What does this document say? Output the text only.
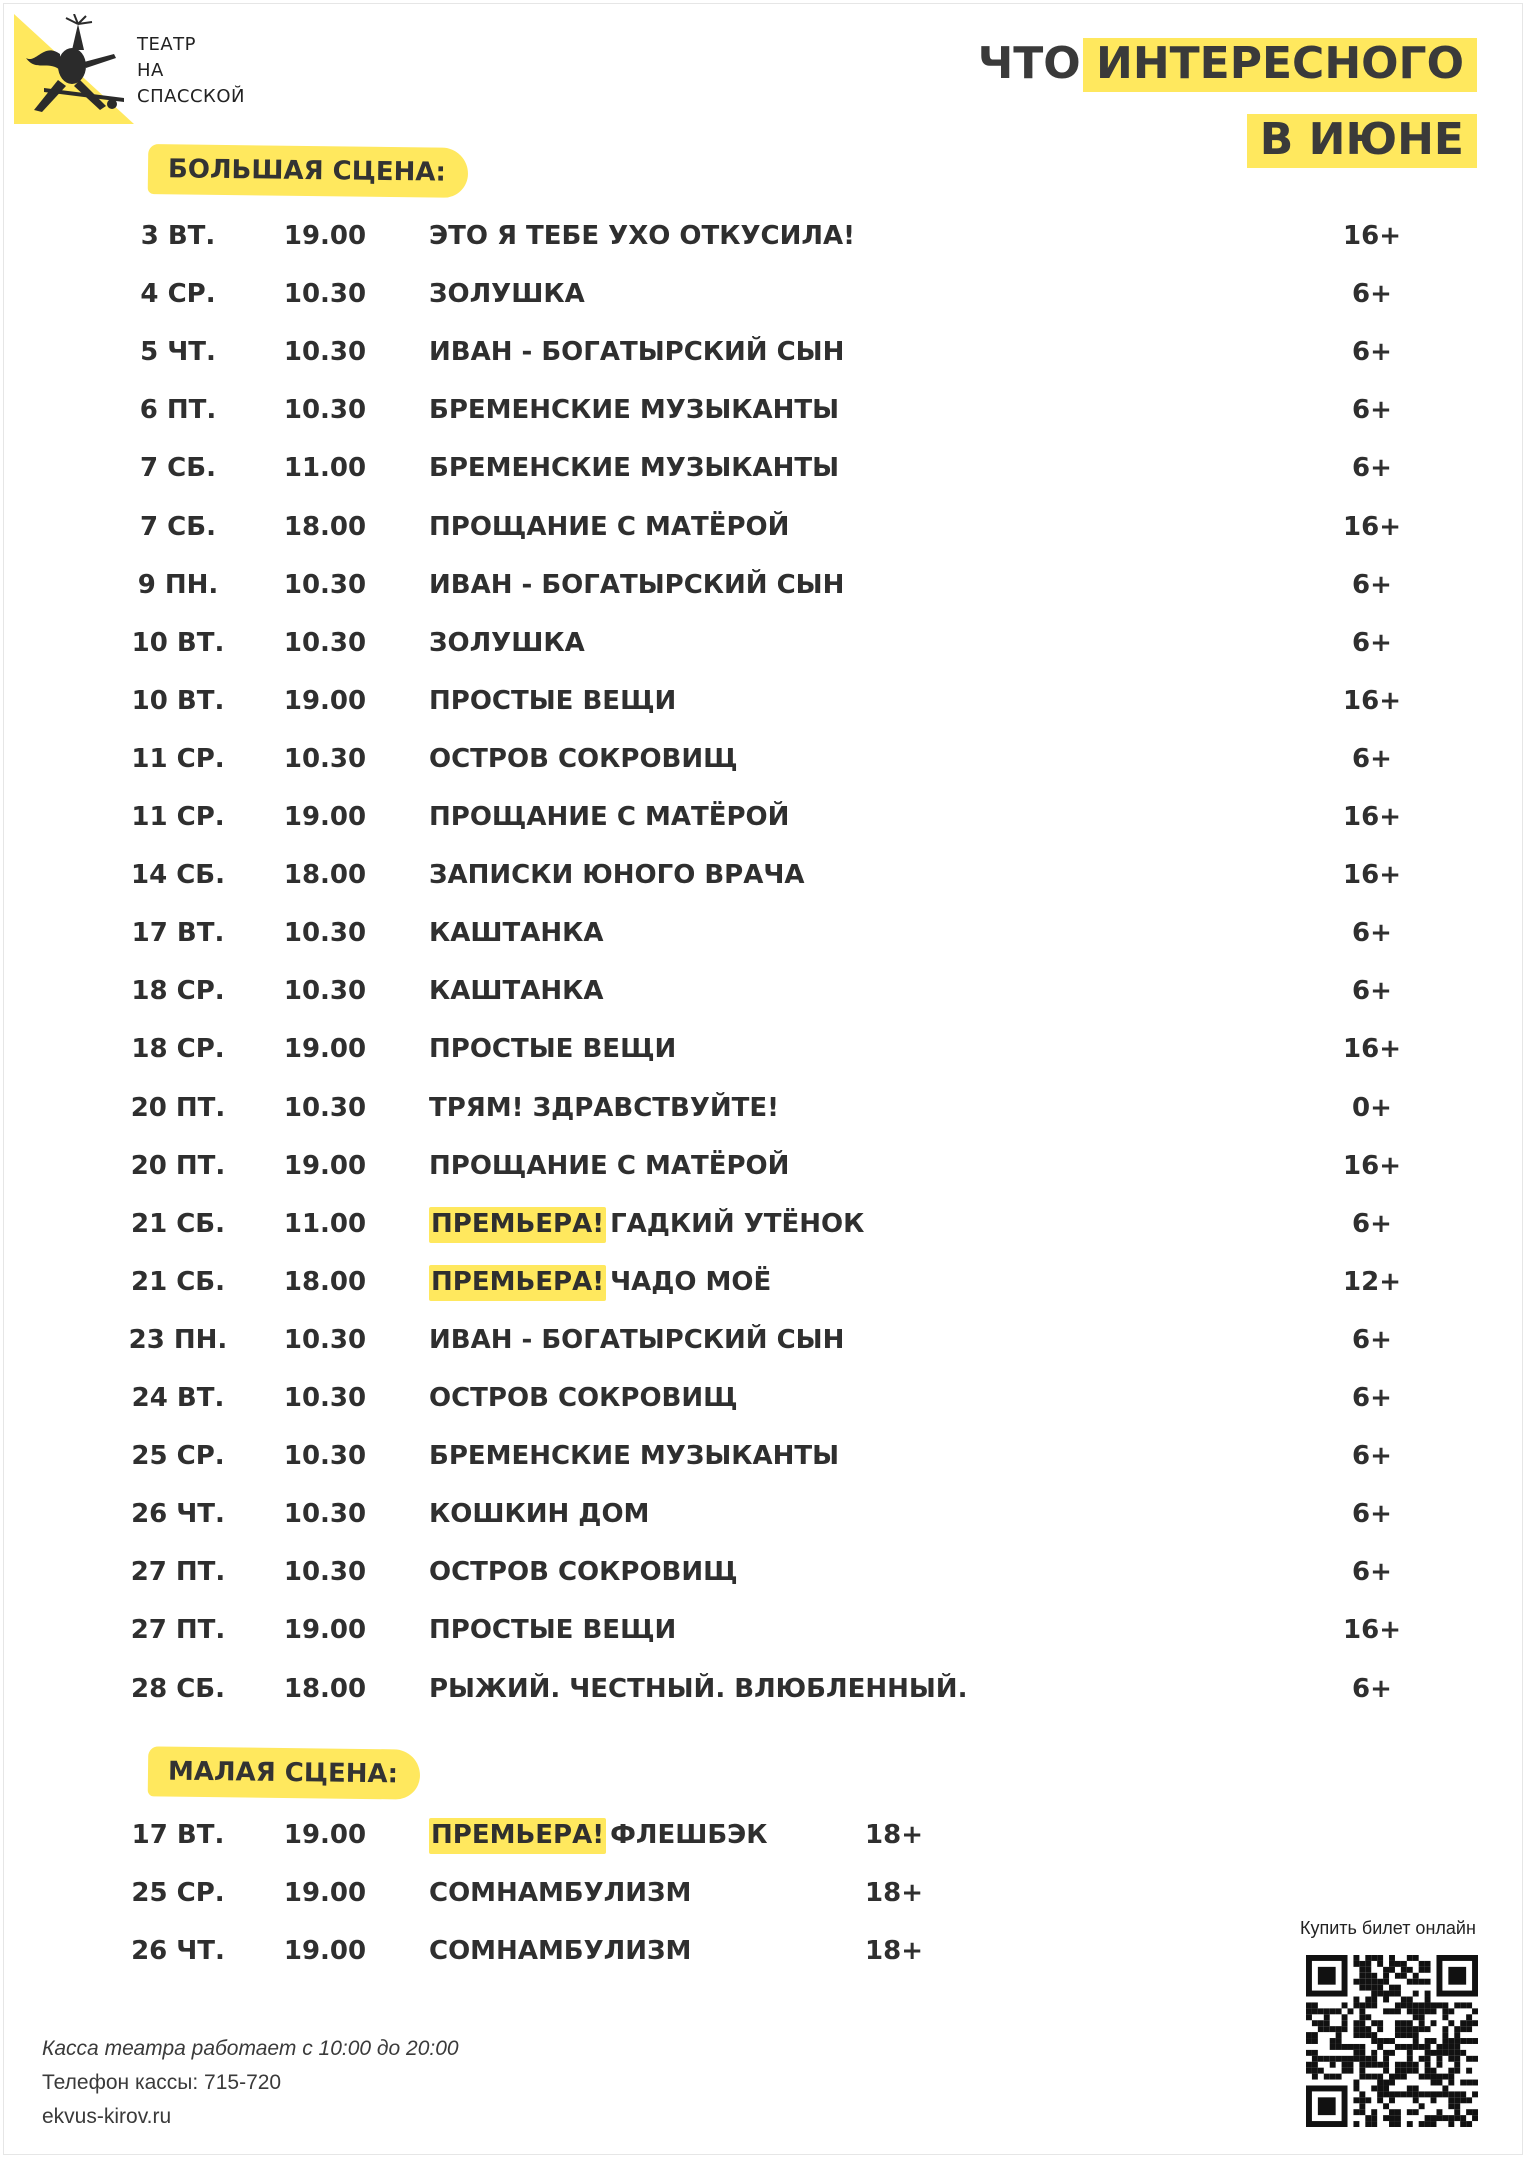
ТЕАТР
НА
СПАССКОЙ
ЧТО ИНТЕРЕСНОГО
В ИЮНЕ
БОЛЬШАЯ СЦЕНА:
3 ВТ.	19.00	ЭТО Я ТЕБЕ УХО ОТКУСИЛА!	16+
4 СР.	10.30	ЗОЛУШКА	6+
5 ЧТ.	10.30	ИВАН - БОГАТЫРСКИЙ СЫН	6+
6 ПТ.	10.30	БРЕМЕНСКИЕ МУЗЫКАНТЫ	6+
7 СБ.	11.00	БРЕМЕНСКИЕ МУЗЫКАНТЫ	6+
7 СБ.	18.00	ПРОЩАНИЕ С МАТЁРОЙ	16+
9 ПН.	10.30	ИВАН - БОГАТЫРСКИЙ СЫН	6+
10 ВТ.	10.30	ЗОЛУШКА	6+
10 ВТ.	19.00	ПРОСТЫЕ ВЕЩИ	16+
11 СР.	10.30	ОСТРОВ СОКРОВИЩ	6+
11 СР.	19.00	ПРОЩАНИЕ С МАТЁРОЙ	16+
14 СБ.	18.00	ЗАПИСКИ ЮНОГО ВРАЧА	16+
17 ВТ.	10.30	КАШТАНКА	6+
18 СР.	10.30	КАШТАНКА	6+
18 СР.	19.00	ПРОСТЫЕ ВЕЩИ	16+
20 ПТ.	10.30	ТРЯМ! ЗДРАВСТВУЙТЕ!	0+
20 ПТ.	19.00	ПРОЩАНИЕ С МАТЁРОЙ	16+
21 СБ.	11.00	ПРЕМЬЕРА! ГАДКИЙ УТЁНОК	6+
21 СБ.	18.00	ПРЕМЬЕРА! ЧАДО МОЁ	12+
23 ПН.	10.30	ИВАН - БОГАТЫРСКИЙ СЫН	6+
24 ВТ.	10.30	ОСТРОВ СОКРОВИЩ	6+
25 СР.	10.30	БРЕМЕНСКИЕ МУЗЫКАНТЫ	6+
26 ЧТ.	10.30	КОШКИН ДОМ	6+
27 ПТ.	10.30	ОСТРОВ СОКРОВИЩ	6+
27 ПТ.	19.00	ПРОСТЫЕ ВЕЩИ	16+
28 СБ.	18.00	РЫЖИЙ. ЧЕСТНЫЙ. ВЛЮБЛЕННЫЙ.	6+
МАЛАЯ СЦЕНА:
17 ВТ.	19.00	ПРЕМЬЕРА! ФЛЕШБЭК	18+
25 СР.	19.00	СОМНАМБУЛИЗМ	18+
26 ЧТ.	19.00	СОМНАМБУЛИЗМ	18+
Касса театра работает с 10:00 до 20:00
Телефон кассы: 715-720
ekvus-kirov.ru
Купить билет онлайн
